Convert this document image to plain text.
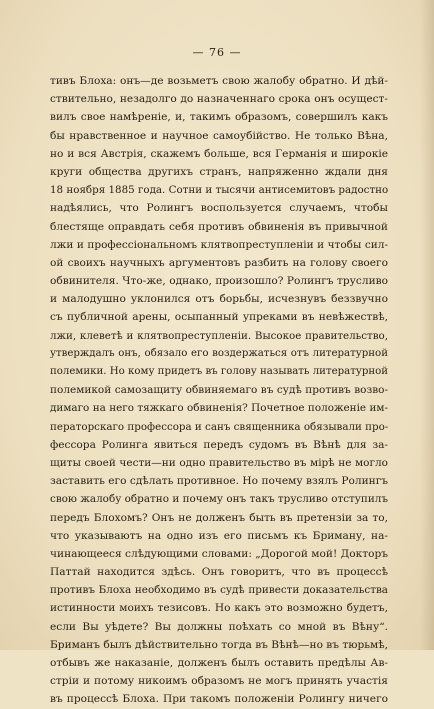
— 76 —
тивъ Блоха: онъ—де возьметъ свою жалобу обратно. И дѣй-
ствительно, незадолго до назначеннаго срока онъ осущест-
вилъ свое намѣренiе, и, такимъ образомъ, совершилъ какъ
бы нравственное и научное самоубiйство. Не только Вѣна,
но и вся Австрiя, скажемъ больше, вся Германiя и широкiе
круги общества другихъ странъ, напряженно ждали дня
18 ноября 1885 года. Сотни и тысячи антисемитовъ радостно
надѣялись, что Ролингъ воспользуется случаемъ, чтобы
блестяще оправдать себя противъ обвиненiя въ привычной
лжи и профессiональномъ клятвопреступленiи и чтобы сил-
ой своихъ научныхъ аргументовъ разбить на голову своего
обвинителя. Что-же, однако, произошло? Ролингъ трусливо
и малодушно уклонился отъ борьбы, исчезнувъ беззвучно
съ публичной арены, осыпанный упреками въ невѣжествѣ,
лжи, клеветѣ и клятвопреступленiи. Высокое правительство,
утверждалъ онъ, обязало его воздержаться отъ литературной
полемики. Но кому придетъ въ голову называть литературной
полемикой самозащиту обвиняемаго въ судѣ противъ возво-
димаго на него тяжкаго обвиненiя? Почетное положенiе им-
ператорскаго профессора и санъ священника обязывали про-
фессора Ролинга явиться передъ судомъ въ Вѣнѣ для за-
щиты своей чести—ни одно правительство въ мiрѣ не могло
заставить его сдѣлать противное. Но почему взялъ Ролингъ
свою жалобу обратно и почему онъ такъ трусливо отступилъ
передъ Блохомъ? Онъ не долженъ быть въ претензiи за то,
что указываютъ на одно изъ его письмъ къ Бриману, на-
чинающееся слѣдующими словами: „Дорогой мой! Докторъ
Паттай находится здѣсь. Онъ говоритъ, что въ процессѣ
противъ Блоха необходимо въ судѣ привести доказательства
истинности моихъ тезисовъ. Но какъ это возможно будетъ,
если Вы уѣдете? Вы должны поѣхать со мной въ Вѣну“.
Бриманъ былъ дѣйствительно тогда въ Вѣнѣ—но въ тюрьмѣ,
отбывъ же наказанiе, долженъ былъ оставить предѣлы Ав-
стрiи и потому никоимъ образомъ не могъ принять участiя
въ процессѣ Блоха. При такомъ положенiи Ролингу ничего
